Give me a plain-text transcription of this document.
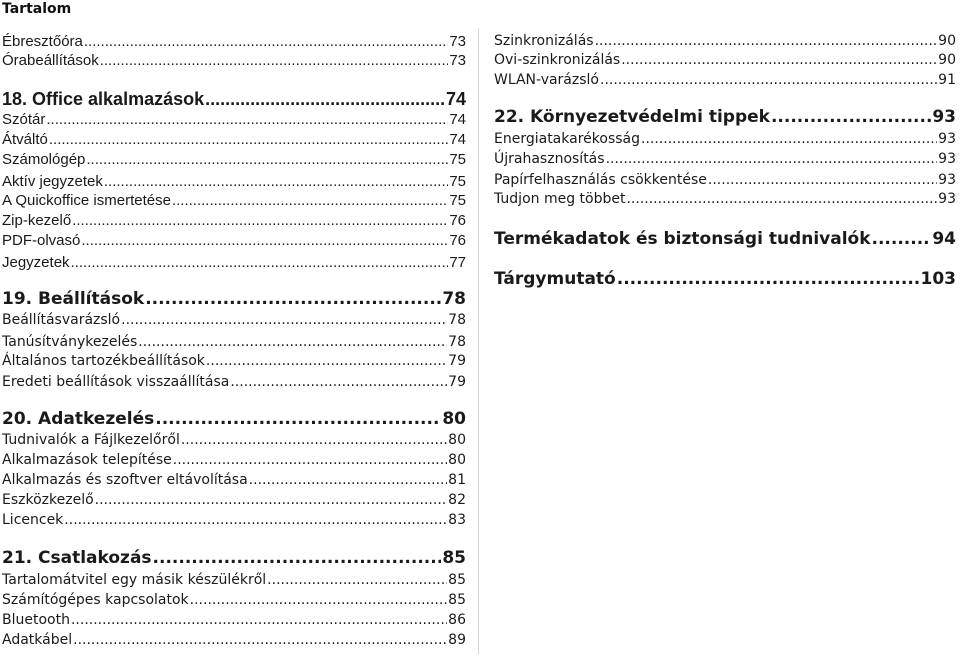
Tartalom
Ébresztőóra .....	73
Órabeállítások .....	73
18. Office alkalmazások .....	74
Szótár .....	74
Átváltó .....	74
Számológép .....	75
Aktív jegyzetek .....	75
A Quickoffice ismertetése .....	75
Zip-kezelő .....	76
PDF-olvasó .....	76
Jegyzetek .....	77
19. Beállítások .....	78
Beállításvarázsló .....	78
Tanúsítványkezelés .....	78
Általános tartozékbeállítások .....	79
Eredeti beállítások visszaállítása .....	79
20. Adatkezelés .....	80
Tudnivalók a Fájlkezelőről .....	80
Alkalmazások telepítése .....	80
Alkalmazás és szoftver eltávolítása .....	81
Eszközkezelő .....	82
Licencek .....	83
21. Csatlakozás .....	85
Tartalomátvitel egy másik készülékről .....	85
Számítógépes kapcsolatok .....	85
Bluetooth .....	86
Adatkábel .....	89
Szinkronizálás .....	90
Ovi-szinkronizálás .....	90
WLAN-varázsló .....	91
22. Környezetvédelmi tippek .....	93
Energiatakarékosság .....	93
Újrahasznosítás .....	93
Papírfelhasználás csökkentése .....	93
Tudjon meg többet .....	93
Termékadatok és biztonsági tudnivalók .....	94
Tárgymutató .....	103
